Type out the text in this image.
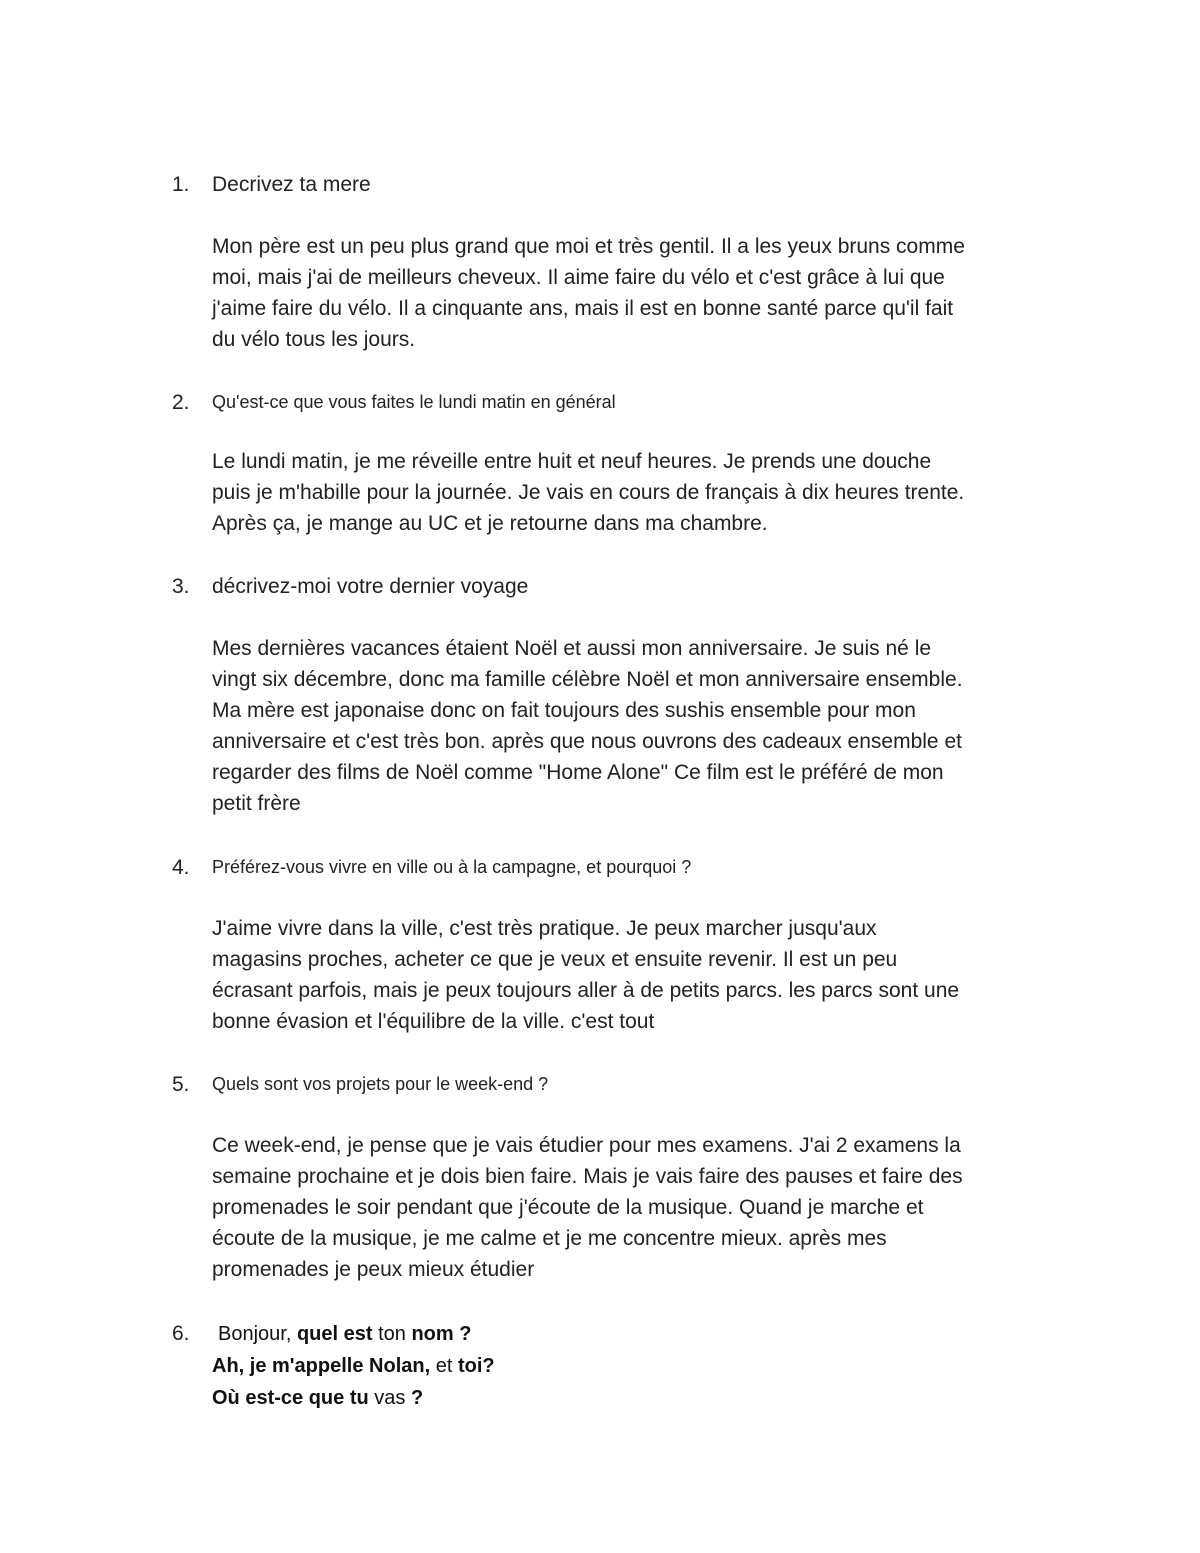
1.	Decrivez ta mere
Mon père est un peu plus grand que moi et très gentil. Il a les yeux bruns comme
moi, mais j'ai de meilleurs cheveux. Il aime faire du vélo et c'est grâce à lui que
j'aime faire du vélo. Il a cinquante ans, mais il est en bonne santé parce qu'il fait
du vélo tous les jours.
2.	Qu'est-ce que vous faites le lundi matin en général
Le lundi matin, je me réveille entre huit et neuf heures. Je prends une douche
puis je m'habille pour la journée. Je vais en cours de français à dix heures trente.
Après ça, je mange au UC et je retourne dans ma chambre.
3.	décrivez-moi votre dernier voyage
Mes dernières vacances étaient Noël et aussi mon anniversaire. Je suis né le
vingt six décembre, donc ma famille célèbre Noël et mon anniversaire ensemble.
Ma mère est japonaise donc on fait toujours des sushis ensemble pour mon
anniversaire et c'est très bon. après que nous ouvrons des cadeaux ensemble et
regarder des films de Noël comme "Home Alone" Ce film est le préféré de mon
petit frère
4.	Préférez-vous vivre en ville ou à la campagne, et pourquoi ?
J'aime vivre dans la ville, c'est très pratique. Je peux marcher jusqu'aux
magasins proches, acheter ce que je veux et ensuite revenir. Il est un peu
écrasant parfois, mais je peux toujours aller à de petits parcs. les parcs sont une
bonne évasion et l'équilibre de la ville. c'est tout
5.	Quels sont vos projets pour le week-end ?
Ce week-end, je pense que je vais étudier pour mes examens. J'ai 2 examens la
semaine prochaine et je dois bien faire. Mais je vais faire des pauses et faire des
promenades le soir pendant que j'écoute de la musique. Quand je marche et
écoute de la musique, je me calme et je me concentre mieux. après mes
promenades je peux mieux étudier
6.	Bonjour, quel est ton nom ?
Ah, je m'appelle Nolan, et toi?
Où est-ce que tu vas ?
